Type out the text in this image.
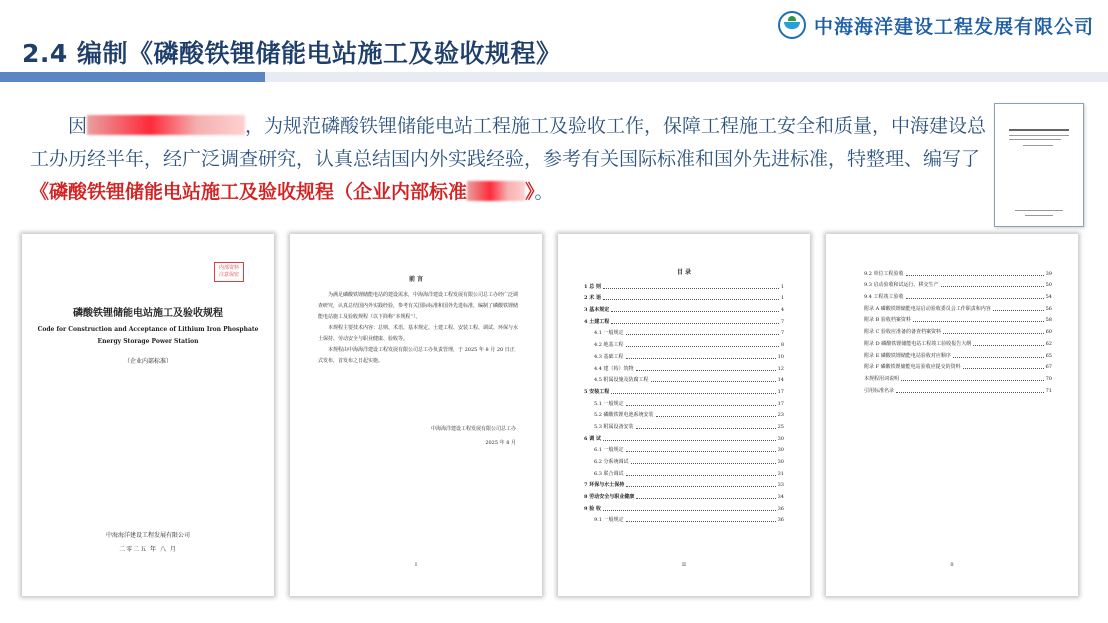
2.4 编制《磷酸铁锂储能电站施工及验收规程》
中海海洋建设工程发展有限公司
因	，为规范磷酸铁锂储能电站工程施工及验收工作，保障工程施工安全和质量，中海建设总工办历经半年，经广泛调查研究，认真总结国内外实践经验，参考有关国际标准和国外先进标准，特整理、编写了《磷酸铁锂储能电站施工及验收规程（企业内部标准	》。
内部资料 注意保密
磷酸铁锂储能电站施工及验收规程
Code for Construction and Acceptance of Lithium Iron Phosphate
Energy Storage Power Station
（企业内部标准）
中海海洋建设工程发展有限公司
二零二五 年 八 月
前 言

为满足磷酸铁锂储能电站的建设需求，中海海洋建设工程发展有限公司总工办经广泛调查研究，认真总结国内外实践经验，参考有关国际标准和国外先进标准，编制了磷酸铁锂储能电站施工及验收规程（以下简称“本规程”）。

本规程主要技术内容：总则、术语、基本规定、土建工程、安装工程、调试、环保与水土保持、劳动安全与职业健康、验收等。

本规程由中海海洋建设工程发展有限公司总工办负责管理，于 2025 年 8 月 20 日正式发布，首发布之日起实施。

中海海洋建设工程发展有限公司总工办
2025 年 8 月
I
目 录
1 总 则	1
2 术 语	1
3 基本规定	4
4 土建工程	7
4.1 一般规定	7
4.2 地基工程	8
4.3 基础工程	10
4.4 建（构）筑物	12
4.5 附属设施及防腐工程	14
5 安装工程	17
5.1 一般规定	17
5.2 磷酸铁锂电池系统安装	23
5.3 附属设备安装	25
6 调 试	30
6.1 一般规定	30
6.2 分系统调试	30
6.3 联合调试	31
7 环保与水土保持	33
8 劳动安全与职业健康	34
9 验 收	36
9.1 一般规定	36
II
9.2 单位工程验收	39
9.3 启动验收和试运行、移交生产	50
9.4 工程竣工验收	54
附录 A 磷酸铁锂储能电站启动验收委员会工作职责和内容	56
附录 B 验收档案资料	58
附录 C 验收应准备的备查档案资料	60
附录 D 磷酸铁锂储能电站工程竣工验收报告大纲	62
附录 E 磷酸铁锂储能电站验收对应顺序	65
附录 F 磷酸铁锂储能电站验收应提交的资料	67
本规程用词说明	70
引用标准名录	71
0
